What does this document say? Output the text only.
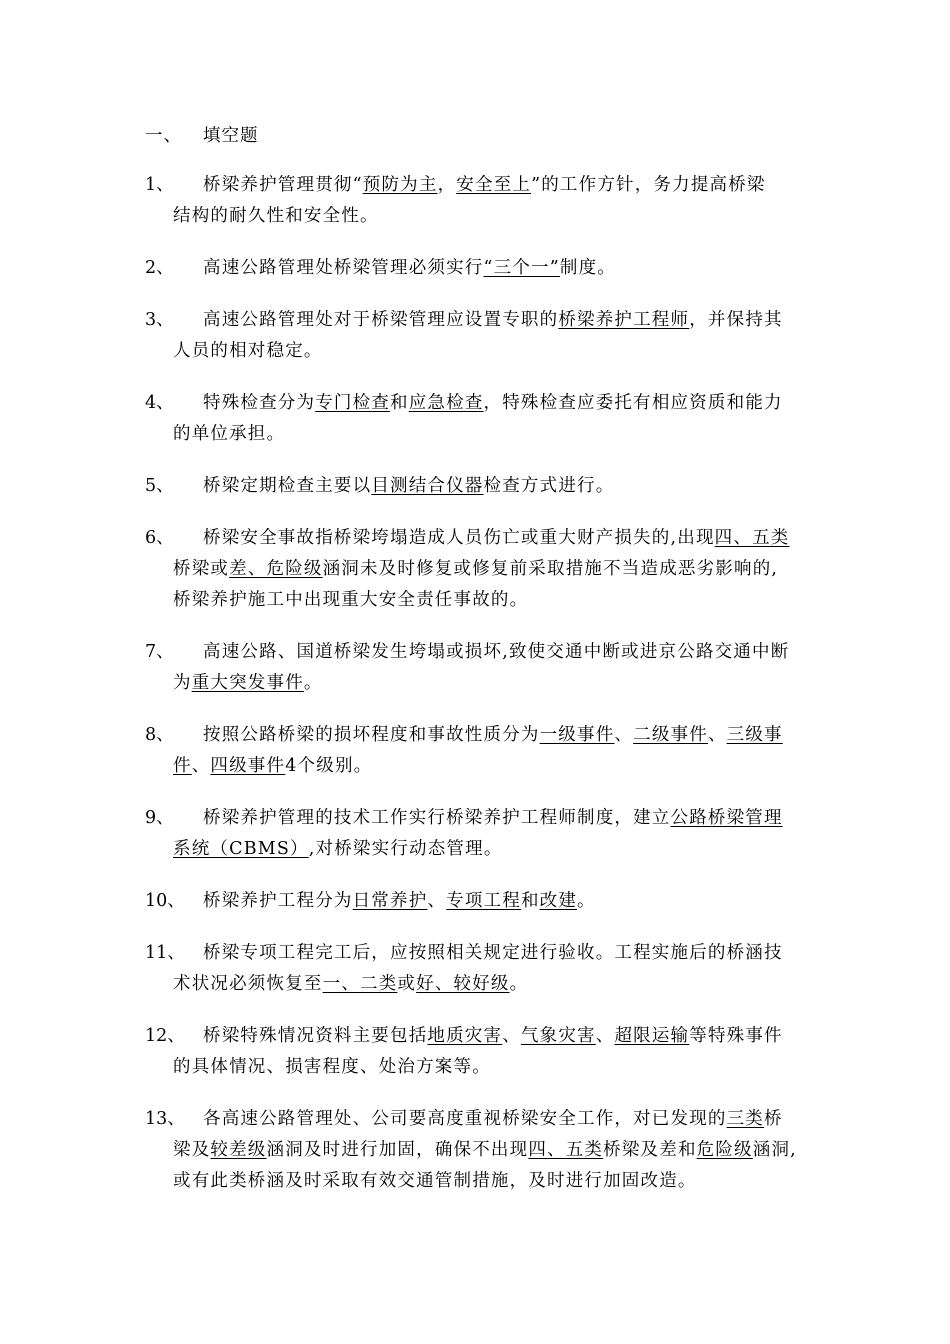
一、 填空题
1、 桥梁养护管理贯彻“预防为主，安全至上”的工作方针，务力提高桥梁
结构的耐久性和安全性。
2、 高速公路管理处桥梁管理必须实行“三个一”制度。
3、 高速公路管理处对于桥梁管理应设置专职的桥梁养护工程师，并保持其
人员的相对稳定。
4、 特殊检查分为专门检查和应急检查，特殊检查应委托有相应资质和能力
的单位承担。
5、 桥梁定期检查主要以目测结合仪器检查方式进行。
6、 桥梁安全事故指桥梁垮塌造成人员伤亡或重大财产损失的,出现四、五类
桥梁或差、危险级涵洞未及时修复或修复前采取措施不当造成恶劣影响的,
桥梁养护施工中出现重大安全责任事故的。
7、 高速公路、国道桥梁发生垮塌或损坏,致使交通中断或进京公路交通中断
为重大突发事件。
8、 按照公路桥梁的损坏程度和事故性质分为一级事件、二级事件、三级事
件、四级事件4个级别。
9、 桥梁养护管理的技术工作实行桥梁养护工程师制度，建立公路桥梁管理
系统（CBMS）,对桥梁实行动态管理。
10、 桥梁养护工程分为日常养护、专项工程和改建。
11、 桥梁专项工程完工后，应按照相关规定进行验收。工程实施后的桥涵技
术状况必须恢复至一、二类或好、较好级。
12、 桥梁特殊情况资料主要包括地质灾害、气象灾害、超限运输等特殊事件
的具体情况、损害程度、处治方案等。
13、 各高速公路管理处、公司要高度重视桥梁安全工作，对已发现的三类桥
梁及较差级涵洞及时进行加固，确保不出现四、五类桥梁及差和危险级涵洞,
或有此类桥涵及时采取有效交通管制措施，及时进行加固改造。
